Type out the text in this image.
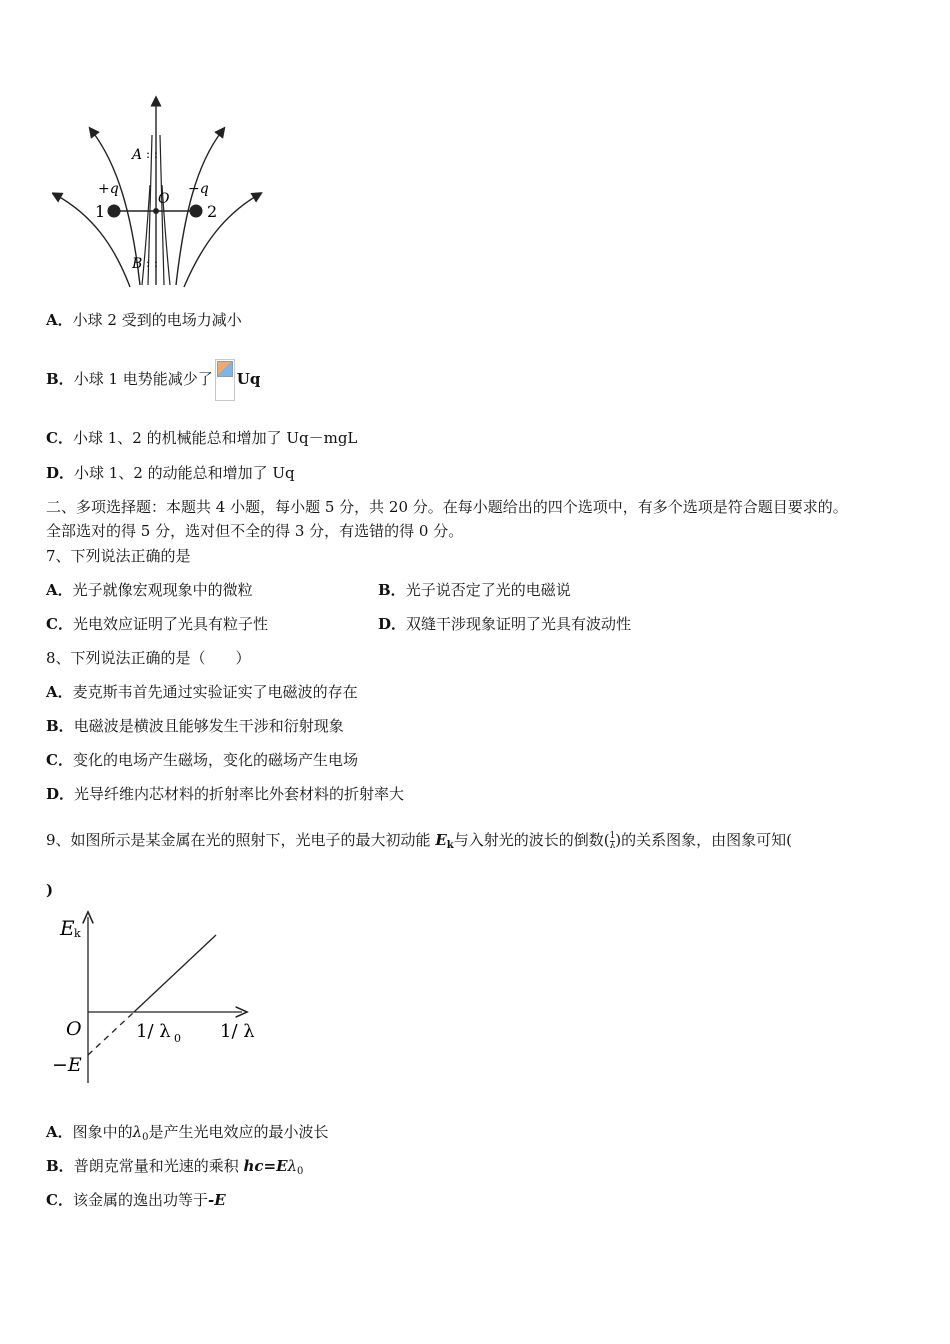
: :
: :
A
B
O
+q	−q
1	2
A．小球 2 受到的电场力减小
B．小球 1 电势能减少了 Uq
C．小球 1、2 的机械能总和增加了 Uq－mgL
D．小球 1、2 的动能总和增加了 Uq
二、多项选择题：本题共 4 小题，每小题 5 分，共 20 分。在每小题给出的四个选项中，有多个选项是符合题目要求的。
全部选对的得 5 分，选对但不全的得 3 分，有选错的得 0 分。
7、下列说法正确的是
A．光子就像宏观现象中的微粒	B．光子说否定了光的电磁说
C．光电效应证明了光具有粒子性	D．双缝干涉现象证明了光具有波动性
8、下列说法正确的是（　　）
A．麦克斯韦首先通过实验证实了电磁波的存在
B．电磁波是横波且能够发生干涉和衍射现象
C．变化的电场产生磁场，变化的磁场产生电场
D．光导纤维内芯材料的折射率比外套材料的折射率大
9、如图所示是某金属在光的照射下，光电子的最大初动能 $E_k$与入射光的波长的倒数( $\frac{1}{\lambda}$ )的关系图象，由图象可知(
)
E k
O	1/ λ 0 1/ λ
−E
A．图象中的$\lambda_0$是产生光电效应的最小波长
B．普朗克常量和光速的乘积 $hc=E\lambda_0$
C．该金属的逸出功等于-E
